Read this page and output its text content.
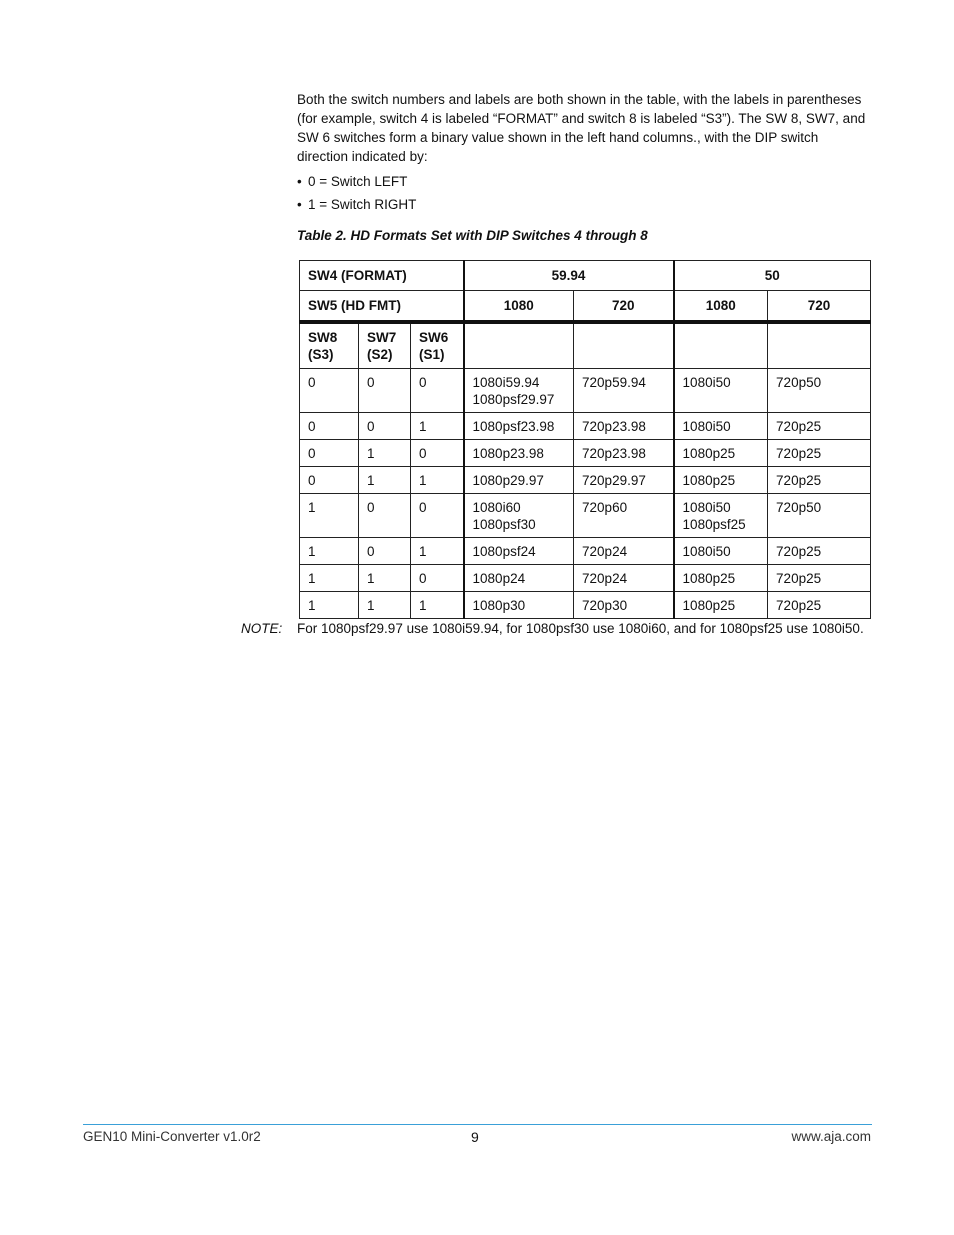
Both the switch numbers and labels are both shown in the table, with the labels in parentheses (for example, switch 4 is labeled “FORMAT” and switch 8 is labeled “S3”). The SW 8, SW7, and SW 6 switches form a binary value shown in the left hand columns., with the DIP switch direction indicated by:

• 0 = Switch LEFT
• 1 = Switch RIGHT

Table 2. HD Formats Set with DIP Switches 4 through 8

SW4 (FORMAT)			59.94		50	
SW5 (HD FMT)			1080	720	1080	720
SW8 (S3)	SW7 (S2)	SW6 (S1)				
0	0	0	1080i59.94 1080psf29.97	720p59.94	1080i50	720p50
0	0	1	1080psf23.98	720p23.98	1080i50	720p25
0	1	0	1080p23.98	720p23.98	1080p25	720p25
0	1	1	1080p29.97	720p29.97	1080p25	720p25
1	0	0	1080i60 1080psf30	720p60	1080i50 1080psf25	720p50
1	0	1	1080psf24	720p24	1080i50	720p25
1	1	0	1080p24	720p24	1080p25	720p25
1	1	1	1080p30	720p30	1080p25	720p25
NOTE: For 1080psf29.97 use 1080i59.94, for 1080psf30 use 1080i60, and for 1080psf25 use 1080i50.
GEN10 Mini-Converter v1.0r2	9	www.aja.com
